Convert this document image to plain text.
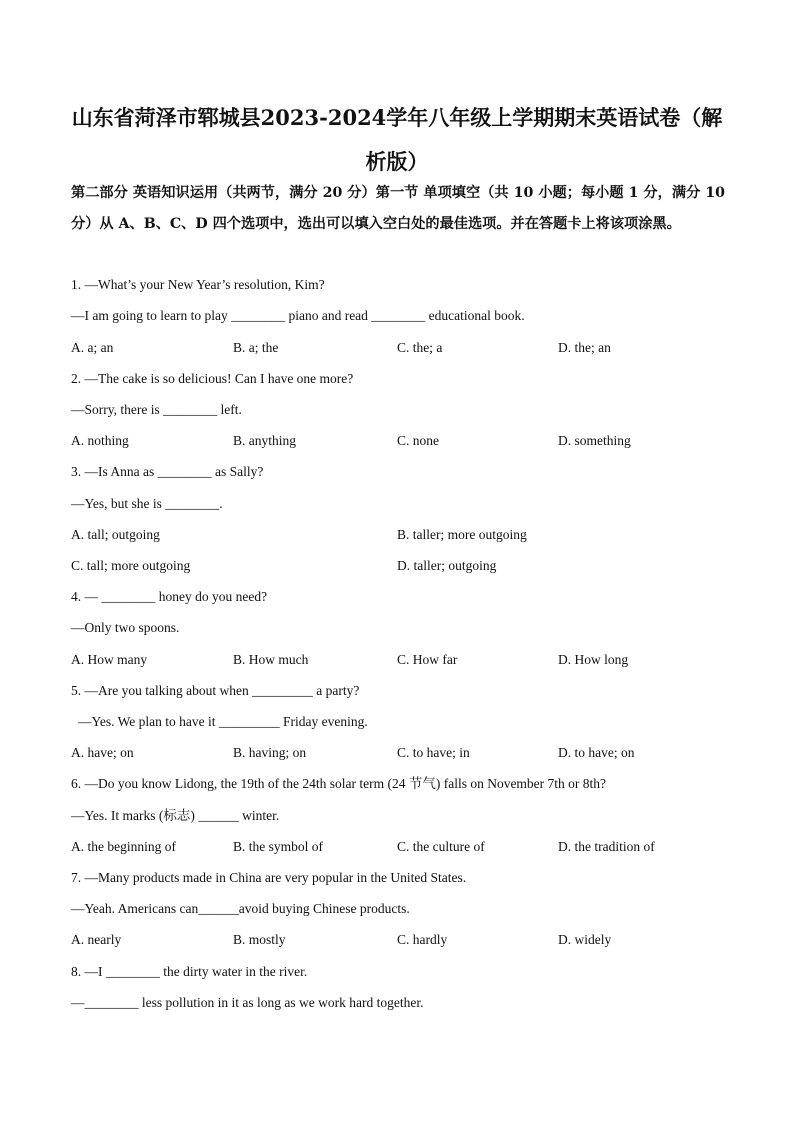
山东省菏泽市郓城县2023-2024学年八年级上学期期末英语试卷（解析版）
第二部分 英语知识运用（共两节，满分 20 分）第一节 单项填空（共 10 小题；每小题 1 分，满分 10 分）从 A、B、C、D 四个选项中，选出可以填入空白处的最佳选项。并在答题卡上将该项涂黑。
1. —What’s your New Year’s resolution, Kim?
—I am going to learn to play ________ piano and read ________ educational book.
A. a; an	B. a; the	C. the; a	D. the; an
2. —The cake is so delicious! Can I have one more?
—Sorry, there is ________ left.
A. nothing	B. anything	C. none	D. something
3. —Is Anna as ________ as Sally?
—Yes, but she is ________.
A. tall; outgoing	B. taller; more outgoing
C. tall; more outgoing	D. taller; outgoing
4. — ________ honey do you need?
—Only two spoons.
A. How many	B. How much	C. How far	D. How long
5. —Are you talking about when _________ a party?
—Yes. We plan to have it _________ Friday evening.
A. have; on	B. having; on	C. to have; in	D. to have; on
6. —Do you know Lidong, the 19th of the 24th solar term (24 节气) falls on November 7th or 8th?
—Yes. It marks (标志) ______ winter.
A. the beginning of	B. the symbol of	C. the culture of	D. the tradition of
7. —Many products made in China are very popular in the United States.
—Yeah. Americans can______avoid buying Chinese products.
A. nearly	B. mostly	C. hardly	D. widely
8. —I ________ the dirty water in the river.
—________ less pollution in it as long as we work hard together.
